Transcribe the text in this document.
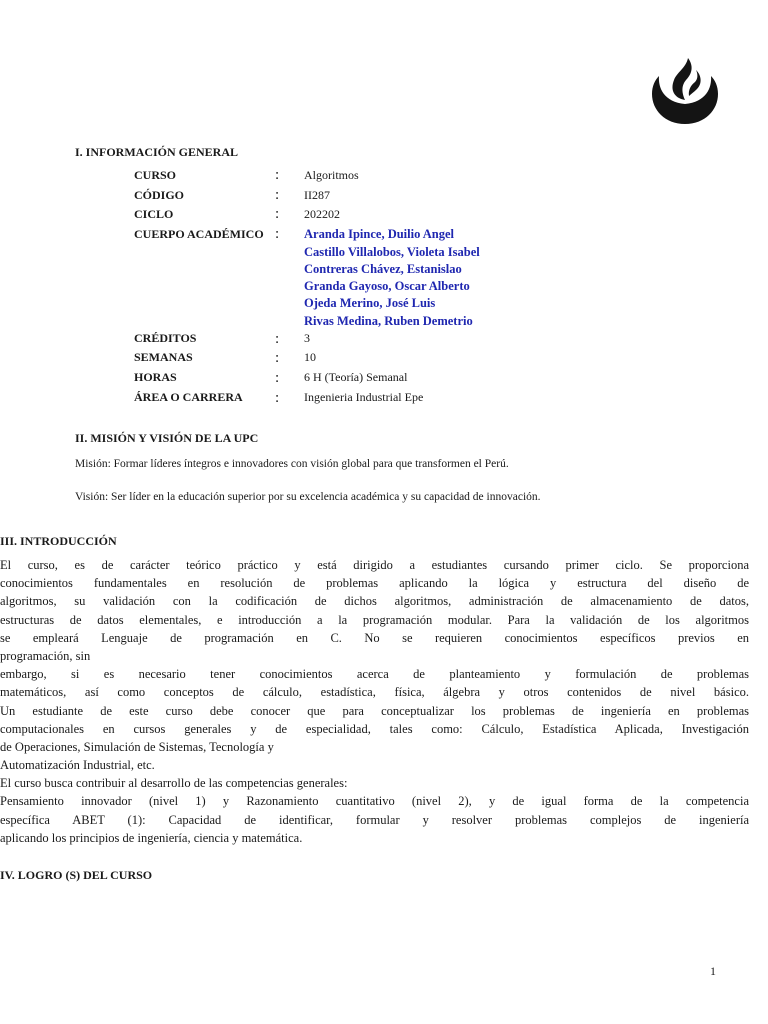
I. INFORMACIÓN GENERAL
CURSO	: Algoritmos
CÓDIGO	: II287
CICLO	: 202202
CUERPO ACADÉMICO : Aranda Ipince, Duilio Angel
Castillo Villalobos, Violeta Isabel
Contreras Chávez, Estanislao
Granda Gayoso, Oscar Alberto
Ojeda Merino, José Luis
Rivas Medina, Ruben Demetrio
CRÉDITOS	: 3
SEMANAS	: 10
HORAS	: 6 H (Teoría) Semanal
ÁREA O CARRERA : Ingenieria Industrial Epe
II. MISIÓN Y VISIÓN DE LA UPC
Misión: Formar líderes íntegros e innovadores con visión global para que transformen el Perú.
Visión: Ser líder en la educación superior por su excelencia académica y su capacidad de innovación.
III. INTRODUCCIÓN
El curso, es de carácter teórico práctico y está dirigido a estudiantes cursando primer ciclo. Se proporciona
conocimientos fundamentales en resolución de problemas aplicando la lógica y estructura del diseño de
algoritmos, su validación con la codificación de dichos algoritmos, administración de almacenamiento de datos,
estructuras de datos elementales, e introducción a la programación modular. Para la validación de los algoritmos
se empleará Lenguaje de programación en C. No se requieren conocimientos específicos previos en
programación, sin
embargo, si es necesario tener conocimientos acerca de planteamiento y formulación de problemas
matemáticos, así como conceptos de cálculo, estadística, física, álgebra y otros contenidos de nivel básico.
Un estudiante de este curso debe conocer que para conceptualizar los problemas de ingeniería en problemas
computacionales en cursos generales y de especialidad, tales como: Cálculo, Estadística Aplicada, Investigación
de Operaciones, Simulación de Sistemas, Tecnología y
Automatización Industrial, etc.
El curso busca contribuir al desarrollo de las competencias generales:
Pensamiento innovador (nivel 1) y Razonamiento cuantitativo (nivel 2), y de igual forma de la competencia
específica ABET (1): Capacidad de identificar, formular y resolver problemas complejos de ingeniería
aplicando los principios de ingeniería, ciencia y matemática.
IV. LOGRO (S) DEL CURSO
1
